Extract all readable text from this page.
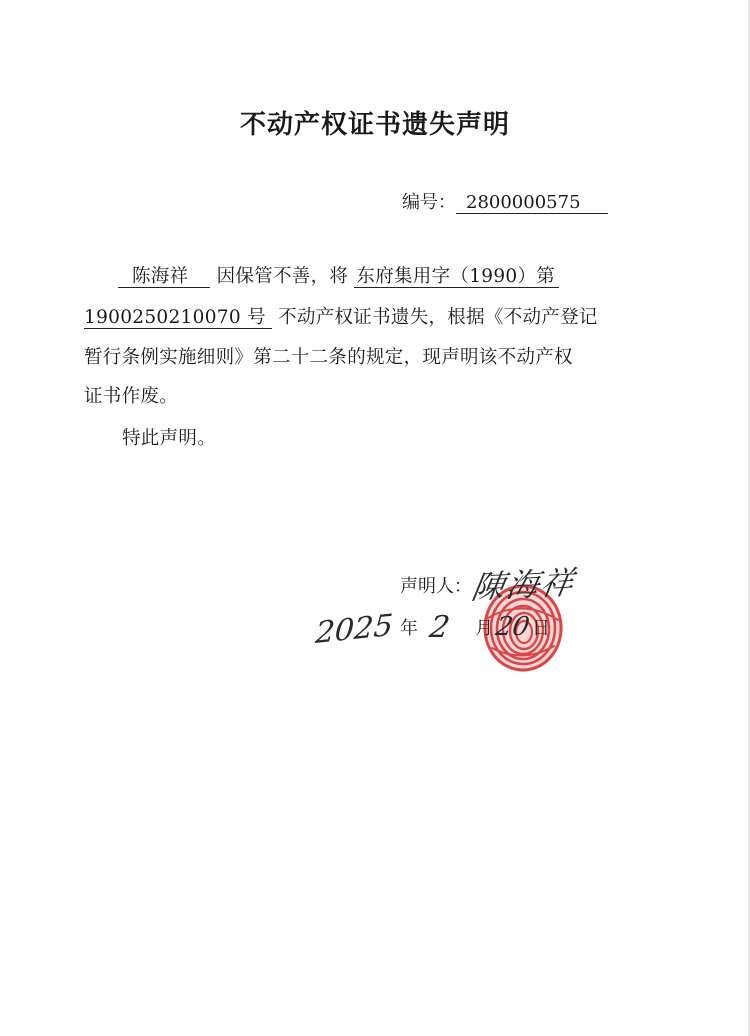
不动产权证书遗失声明
编号： 2800000575
陈海祥 因保管不善，将 东府集用字（1990）第
1900250210070 号 不动产权证书遗失，根据《不动产登记
暂行条例实施细则》第二十二条的规定，现声明该不动产权
证书作废。
特此声明。
声明人：
陳海祥
2025 年 2 月 20 日
